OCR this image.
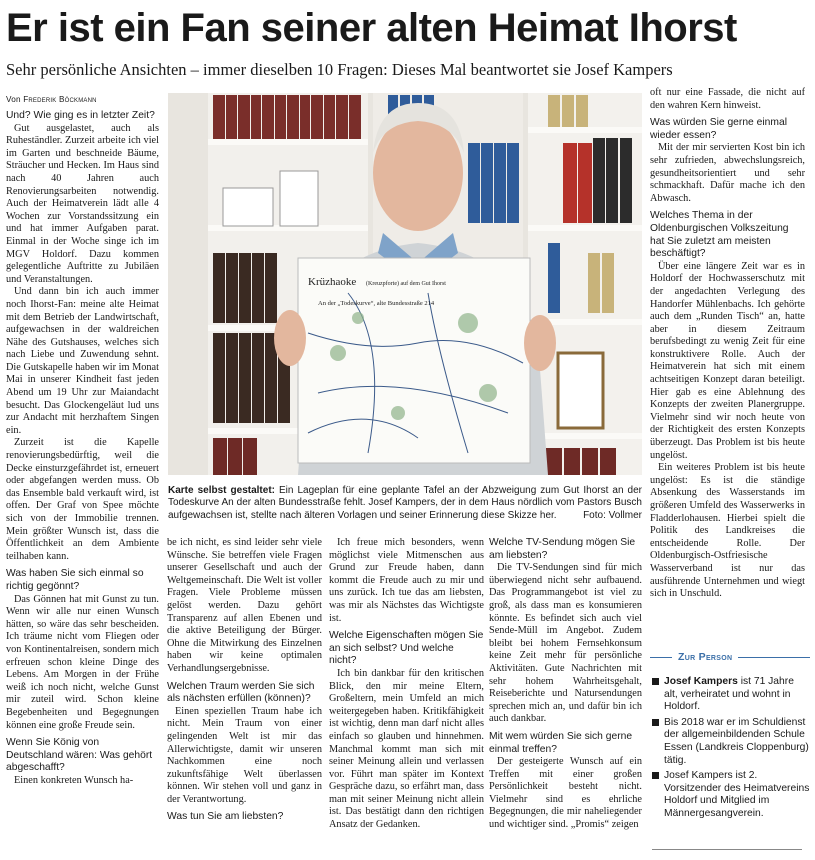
Er ist ein Fan seiner alten Heimat Ihorst
Sehr persönliche Ansichten – immer dieselben 10 Fragen: Dieses Mal beantwortet sie Josef Kampers
Von Frederik Böckmann
Und? Wie ging es in letzter Zeit?

Gut ausgelastet, auch als Ruheständler. Zurzeit arbeite ich viel im Garten und beschneide Bäume, Sträucher und Hecken. Im Haus sind nach 40 Jahren auch Renovierungsarbeiten notwendig. Auch der Heimatverein lädt alle 4 Wochen zur Vorstandssitzung ein und hat immer Aufgaben parat. Einmal in der Woche singe ich im MGV Holdorf. Dazu kommen gelegentliche Auftritte zu Jubiläen und Veranstaltungen.

Und dann bin ich auch immer noch Ihorst-Fan: meine alte Heimat mit dem Betrieb der Landwirtschaft, aufgewachsen in der waldreichen Nähe des Gutshauses, welches sich nach Liebe und Zuwendung sehnt. Die Gutskapelle haben wir im Monat Mai in unserer Kindheit fast jeden Abend um 19 Uhr zur Maiandacht besucht. Das Glockengeläut lud uns zur Andacht mit herzhaftem Singen ein.

Zurzeit ist die Kapelle renovierungsbedürftig, weil die Decke einsturzgefährdet ist, erneuert oder abgefangen werden muss. Ob das Ensemble bald verkauft wird, ist offen. Der Graf von Spee möchte sich von der Immobilie trennen. Mein größter Wunsch ist, dass die Öffentlichkeit an dem Ambiente teilhaben kann.

Was haben Sie sich einmal so richtig gegönnt?

Das Gönnen hat mit Gunst zu tun. Wenn wir alle nur einen Wunsch hätten, so wäre das sehr bescheiden. Ich träume nicht vom Fliegen oder von Kontinentalreisen, sondern mich erfreuen schon kleine Dinge des Lebens. Am Morgen in der Frühe weiß ich noch nicht, welche Gunst mir zuteil wird. Schon kleine Begebenheiten und Begegnungen können eine große Freude sein.

Wenn Sie König von Deutschland wären: Was gehört abgeschafft?

Einen konkreten Wunsch ha-

Krüzhaoke (Kreuzpforte) auf dem Gut Ihorst
An der „Todeskurve“, alte Bundesstraße 214
Karte selbst gestaltet: Ein Lageplan für eine geplante Tafel an der Abzweigung zum Gut Ihorst an der Todeskurve An der alten Bundesstraße fehlt. Josef Kampers, der in dem Haus nördlich vom Pastors Busch aufgewachsen ist, stellte nach älteren Vorlagen und seiner Erinnerung diese Skizze her.	Foto: Vollmer

be ich nicht, es sind leider sehr viele Wünsche. Sie betreffen viele Fragen unserer Gesellschaft und auch der Weltgemeinschaft. Die Welt ist voller Fragen. Viele Probleme müssen gelöst werden. Dazu gehört Transparenz auf allen Ebenen und die aktive Beteiligung der Bürger. Ohne die Mitwirkung des Einzelnen haben wir keine optimalen Verhandlungsergebnisse.

Welchen Traum werden Sie sich als nächsten erfüllen (können)?

Einen speziellen Traum habe ich nicht. Mein Traum von einer gelingenden Welt ist mir das Allerwichtigste, damit wir unseren Nachkommen eine noch zukunftsfähige Welt überlassen können. Wir stehen voll und ganz in der Verantwortung.

Was tun Sie am liebsten?

Ich freue mich besonders, wenn möglichst viele Mitmenschen aus Grund zur Freude haben, dann kommt die Freude auch zu mir und uns zurück. Ich tue das am liebsten, was mir als Nächstes das Wichtigste ist.

Welche Eigenschaften mögen Sie an sich selbst? Und welche nicht?

Ich bin dankbar für den kritischen Blick, den mir meine Eltern, Großeltern, mein Umfeld an mich weitergegeben haben. Kritikfähigkeit ist wichtig, denn man darf nicht alles einfach so glauben und hinnehmen. Manchmal kommt man sich mit seiner Meinung allein und verlassen vor. Führt man später im Kontext Gespräche dazu, so erfährt man, dass man mit seiner Meinung nicht allein ist. Das bestätigt dann den richtigen Ansatz der Gedanken.

Welche TV-Sendung mögen Sie am liebsten?

Die TV-Sendungen sind für mich überwiegend nicht sehr aufbauend. Das Programmangebot ist viel zu groß, als dass man es konsumieren könnte. Es befindet sich auch viel Sende-Müll im Angebot. Zudem bleibt bei hohem Fernsehkonsum keine Zeit mehr für persönliche Aktivitäten. Gute Nachrichten mit sehr hohem Wahrheitsgehalt, Reiseberichte und Natursendungen sprechen mich an, und dafür bin ich auch dankbar.

Mit wem würden Sie sich gerne einmal treffen?

Der gesteigerte Wunsch auf ein Treffen mit einer großen Persönlichkeit besteht nicht. Vielmehr sind es ehrliche Begegnungen, die mir naheliegender und wichtiger sind. „Promis“ zeigen

oft nur eine Fassade, die nicht auf den wahren Kern hinweist.

Was würden Sie gerne einmal wieder essen?

Mit der mir servierten Kost bin ich sehr zufrieden, abwechslungsreich, gesundheitsorientiert und sehr schmackhaft. Dafür mache ich den Abwasch.

Welches Thema in der Oldenburgischen Volkszeitung hat Sie zuletzt am meisten beschäftigt?

Über eine längere Zeit war es in Holdorf der Hochwasserschutz mit der angedachten Verlegung des Handorfer Mühlenbachs. Ich gehörte auch dem „Runden Tisch“ an, hatte aber in diesem Zeitraum berufsbedingt zu wenig Zeit für eine konstruktivere Rolle. Auch der Heimatverein hat sich mit einem achtseitigen Konzept daran beteiligt. Hier gab es eine Ablehnung des Konzepts der zweiten Planergruppe. Vielmehr sind wir noch heute von der Richtigkeit des ersten Konzepts überzeugt. Das Problem ist bis heute ungelöst.

Ein weiteres Problem ist bis heute ungelöst: Es ist die ständige Absenkung des Wasserstands im größeren Umfeld des Wasserwerks in Fladderlohausen. Hierbei spielt die Politik des Landkreises die entscheidende Rolle. Der Oldenburgisch-Ostfriesische Wasserverband ist nur das ausführende Unternehmen und wiegt sich in Unschuld.

Zur Person
Josef Kampers ist 71 Jahre alt, verheiratet und wohnt in Holdorf.
Bis 2018 war er im Schuldienst der allgemeinbildenden Schule Essen (Landkreis Cloppenburg) tätig.
Josef Kampers ist 2. Vorsitzender des Heimatvereins Holdorf und Mitglied im Männergesangverein.
